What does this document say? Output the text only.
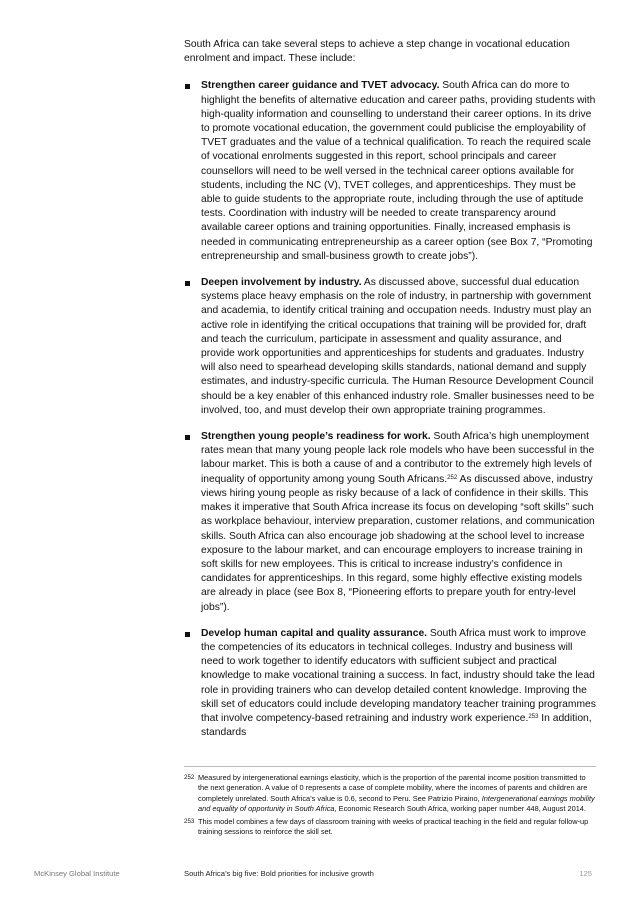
South Africa can take several steps to achieve a step change in vocational education enrolment and impact. These include:

Strengthen career guidance and TVET advocacy. South Africa can do more to highlight the benefits of alternative education and career paths, providing students with high-quality information and counselling to understand their career options. In its drive to promote vocational education, the government could publicise the employability of TVET graduates and the value of a technical qualification. To reach the required scale of vocational enrolments suggested in this report, school principals and career counsellors will need to be well versed in the technical career options available for students, including the NC (V), TVET colleges, and apprenticeships. They must be able to guide students to the appropriate route, including through the use of aptitude tests. Coordination with industry will be needed to create transparency around available career options and training opportunities. Finally, increased emphasis is needed in communicating entrepreneurship as a career option (see Box 7, “Promoting entrepreneurship and small-business growth to create jobs”).
Deepen involvement by industry. As discussed above, successful dual education systems place heavy emphasis on the role of industry, in partnership with government and academia, to identify critical training and occupation needs. Industry must play an active role in identifying the critical occupations that training will be provided for, draft and teach the curriculum, participate in assessment and quality assurance, and provide work opportunities and apprenticeships for students and graduates. Industry will also need to spearhead developing skills standards, national demand and supply estimates, and industry-specific curricula. The Human Resource Development Council should be a key enabler of this enhanced industry role. Smaller businesses need to be involved, too, and must develop their own appropriate training programmes.
Strengthen young people’s readiness for work. South Africa’s high unemployment rates mean that many young people lack role models who have been successful in the labour market. This is both a cause of and a contributor to the extremely high levels of inequality of opportunity among young South Africans.$^{252}$ As discussed above, industry views hiring young people as risky because of a lack of confidence in their skills. This makes it imperative that South Africa increase its focus on developing “soft skills” such as workplace behaviour, interview preparation, customer relations, and communication skills. South Africa can also encourage job shadowing at the school level to increase exposure to the labour market, and can encourage employers to increase training in soft skills for new employees. This is critical to increase industry’s confidence in candidates for apprenticeships. In this regard, some highly effective existing models are already in place (see Box 8, “Pioneering efforts to prepare youth for entry-level jobs”).
Develop human capital and quality assurance. South Africa must work to improve the competencies of its educators in technical colleges. Industry and business will need to work together to identify educators with sufficient subject and practical knowledge to make vocational training a success. In fact, industry should take the lead role in providing trainers who can develop detailed content knowledge. Improving the skill set of educators could include developing mandatory teacher training programmes that involve competency-based retraining and industry work experience.$^{253}$ In addition, standards
252 Measured by intergenerational earnings elasticity, which is the proportion of the parental income position transmitted to the next generation. A value of 0 represents a case of complete mobility, where the incomes of parents and children are completely unrelated. South Africa’s value is 0.6, second to Peru. See Patrizio Piraino, Intergenerational earnings mobility and equality of opportunity in South Africa, Economic Research South Africa, working paper number 448, August 2014.
253 This model combines a few days of classroom training with weeks of practical teaching in the field and regular follow-up training sessions to reinforce the skill set.
McKinsey Global Institute	South Africa’s big five: Bold priorities for inclusive growth	125
